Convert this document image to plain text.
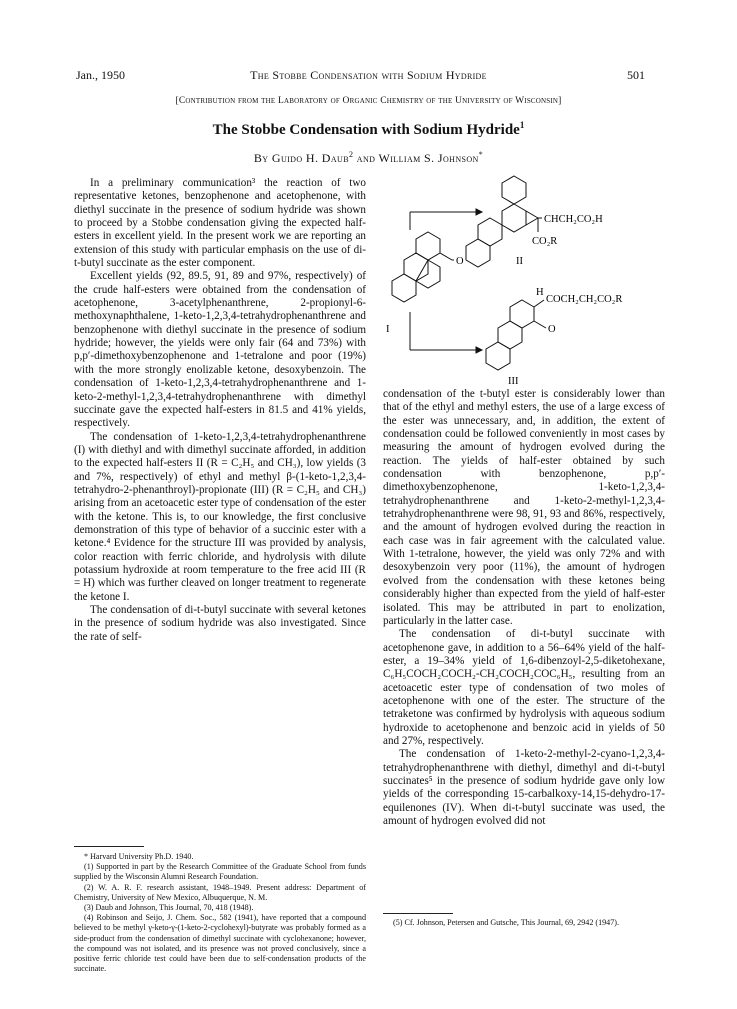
Jan., 1950	The Stobbe Condensation with Sodium Hydride	501
[Contribution from the Laboratory of Organic Chemistry of the University of Wisconsin]
The Stobbe Condensation with Sodium Hydride$^1$
By Guido H. Daub$^2$ and William S. Johnson*

In a preliminary communication³ the reaction of two representative ketones, benzophenone and acetophenone, with diethyl succinate in the presence of sodium hydride was shown to proceed by a Stobbe condensation giving the expected half-esters in excellent yield. In the present work we are reporting an extension of this study with particular emphasis on the use of di-t-butyl succinate as the ester component.

Excellent yields (92, 89.5, 91, 89 and 97%, respectively) of the crude half-esters were obtained from the condensation of acetophenone, 3-acetylphenanthrene, 2-propionyl-6-methoxynaphthalene, 1-keto-1,2,3,4-tetrahydrophenanthrene and benzophenone with diethyl succinate in the presence of sodium hydride; however, the yields were only fair (64 and 73%) with p,p′-dimethoxybenzophenone and 1-tetralone and poor (19%) with the more strongly enolizable ketone, desoxybenzoin. The condensation of 1-keto-1,2,3,4-tetrahydrophenanthrene and 1-keto-2-methyl-1,2,3,4-tetrahydrophenanthrene with dimethyl succinate gave the expected half-esters in 81.5 and 41% yields, respectively.

The condensation of 1-keto-1,2,3,4-tetrahydrophenanthrene (I) with diethyl and with dimethyl succinate afforded, in addition to the expected half-esters II (R = C₂H₅ and CH₃), low yields (3 and 7%, respectively) of ethyl and methyl β-(1-keto-1,2,3,4-tetrahydro-2-phenanthroyl)-propionate (III) (R = C₂H₅ and CH₃) arising from an acetoacetic ester type of condensation of the ester with the ketone. This is, to our knowledge, the first conclusive demonstration of this type of behavior of a succinic ester with a ketone.⁴ Evidence for the structure III was provided by analysis, color reaction with ferric chloride, and hydrolysis with dilute potassium hydroxide at room temperature to the free acid III (R = H) which was further cleaved on longer treatment to regenerate the ketone I.

The condensation of di-t-butyl succinate with several ketones in the presence of sodium hydride was also investigated. Since the rate of self-

* Harvard University Ph.D. 1940.

(1) Supported in part by the Research Committee of the Graduate School from funds supplied by the Wisconsin Alumni Research Foundation.

(2) W. A. R. F. research assistant, 1948–1949. Present address: Department of Chemistry, University of New Mexico, Albuquerque, N. M.

(3) Daub and Johnson, This Journal, 70, 418 (1948).

(4) Robinson and Seijo, J. Chem. Soc., 582 (1941), have reported that a compound believed to be methyl γ-keto-γ-(1-keto-2-cyclohexyl)-butyrate was probably formed as a side-product from the condensation of dimethyl succinate with cyclohexanone; however, the compound was not isolated, and its presence was not proved conclusively, since a positive ferric chloride test could have been due to self-condensation products of the succinate.

CHCH₂CO₂H
CO₂R
II
O
I
H
COCH₂CH₂CO₂R
O
III

condensation of the t-butyl ester is considerably lower than that of the ethyl and methyl esters, the use of a large excess of the ester was unnecessary, and, in addition, the extent of condensation could be followed conveniently in most cases by measuring the amount of hydrogen evolved during the reaction. The yields of half-ester obtained by such condensation with benzophenone, p,p′-dimethoxybenzophenone, 1-keto-1,2,3,4-tetrahydrophenanthrene and 1-keto-2-methyl-1,2,3,4-tetrahydrophenanthrene were 98, 91, 93 and 86%, respectively, and the amount of hydrogen evolved during the reaction in each case was in fair agreement with the calculated value. With 1-tetralone, however, the yield was only 72% and with desoxybenzoin very poor (11%), the amount of hydrogen evolved from the condensation with these ketones being considerably higher than expected from the yield of half-ester isolated. This may be attributed in part to enolization, particularly in the latter case.

The condensation of di-t-butyl succinate with acetophenone gave, in addition to a 56–64% yield of the half-ester, a 19–34% yield of 1,6-dibenzoyl-2,5-diketohexane, C₆H₅COCH₂COCH₂-CH₂COCH₂COC₆H₅, resulting from an acetoacetic ester type of condensation of two moles of acetophenone with one of the ester. The structure of the tetraketone was confirmed by hydrolysis with aqueous sodium hydroxide to acetophenone and benzoic acid in yields of 50 and 27%, respectively.

The condensation of 1-keto-2-methyl-2-cyano-1,2,3,4-tetrahydrophenanthrene with diethyl, dimethyl and di-t-butyl succinates⁵ in the presence of sodium hydride gave only low yields of the corresponding 15-carbalkoxy-14,15-dehydro-17-equilenones (IV). When di-t-butyl succinate was used, the amount of hydrogen evolved did not

(5) Cf. Johnson, Petersen and Gutsche, This Journal, 69, 2942 (1947).
